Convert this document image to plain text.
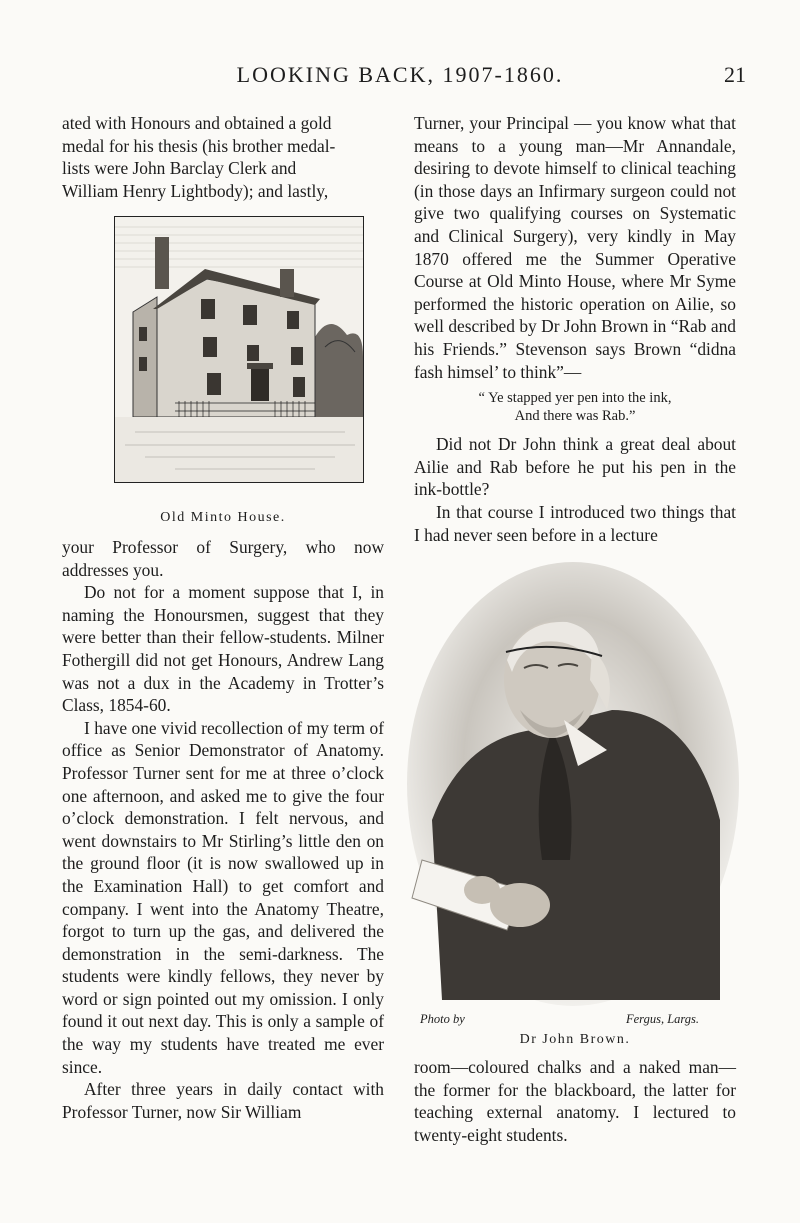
LOOKING BACK, 1907-1860.	21

ated with Honours and obtained a gold

medal for his thesis (his brother medal-

lists were John Barclay Clerk and

William Henry Lightbody); and lastly,

Old Minto House.

your Professor of Surgery, who now addresses you.

Do not for a moment suppose that I, in naming the Honoursmen, suggest that they were better than their fellow-students. Milner Fothergill did not get Honours, Andrew Lang was not a dux in the Academy in Trotter’s Class, 1854-60.

I have one vivid recollection of my term of office as Senior Demonstrator of Anatomy. Professor Turner sent for me at three o’clock one afternoon, and asked me to give the four o’clock demonstration. I felt nervous, and went downstairs to Mr Stirling’s little den on the ground floor (it is now swallowed up in the Examination Hall) to get comfort and company. I went into the Anatomy Theatre, forgot to turn up the gas, and delivered the demonstration in the semi-darkness. The students were kindly fellows, they never by word or sign pointed out my omission. I only found it out next day. This is only a sample of the way my students have treated me ever since.

After three years in daily contact with Professor Turner, now Sir William

Turner, your Principal — you know what that means to a young man—Mr Annandale, desiring to devote himself to clinical teaching (in those days an Infirmary surgeon could not give two qualifying courses on Systematic and Clinical Surgery), very kindly in May 1870 offered me the Summer Operative Course at Old Minto House, where Mr Syme performed the historic operation on Ailie, so well described by Dr John Brown in “Rab and his Friends.” Stevenson says Brown “didna fash himsel’ to think”—

“ Ye stapped yer pen into the ink,
And there was Rab.”

Did not Dr John think a great deal about Ailie and Rab before he put his pen in the ink-bottle?

In that course I introduced two things that I had never seen before in a lecture

Photo by	Fergus, Largs.
Dr John Brown.

room—coloured chalks and a naked man—the former for the blackboard, the latter for teaching external anatomy. I lectured to twenty-eight students.
